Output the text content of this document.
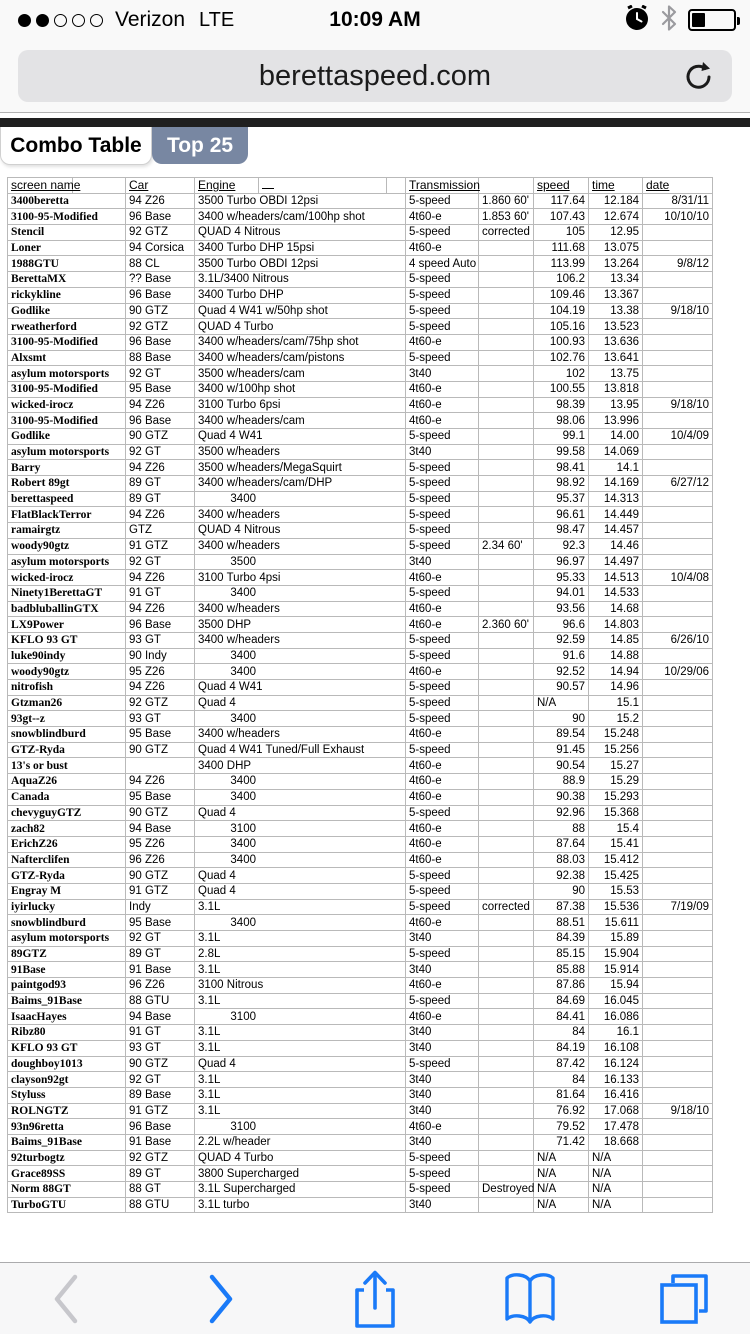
Verizon LTE	10:09 AM
berettaspeed.com
Combo Table Top 25
screen name		Car	Engine			Transmission		speed	time	date
3400beretta		94 Z26	3500 Turbo OBDI 12psi			5-speed	1.860 60'	117.64	12.184	8/31/11
3100-95-Modified		96 Base	3400 w/headers/cam/100hp shot			4t60-e	1.853 60'	107.43	12.674	10/10/10
Stencil		92 GTZ	QUAD 4 Nitrous			5-speed	corrected	105	12.95	
Loner		94 Corsica	3400 Turbo DHP 15psi			4t60-e		111.68	13.075	
1988GTU		88 CL	3500 Turbo OBDI 12psi			4 speed Auto		113.99	13.264	9/8/12
BerettaMX		?? Base	3.1L/3400 Nitrous			5-speed		106.2	13.34	
rickykline		96 Base	3400 Turbo DHP			5-speed		109.46	13.367	
Godlike		90 GTZ	Quad 4 W41 w/50hp shot			5-speed		104.19	13.38	9/18/10
rweatherford		92 GTZ	QUAD 4 Turbo			5-speed		105.16	13.523	
3100-95-Modified		96 Base	3400 w/headers/cam/75hp shot			4t60-e		100.93	13.636	
Alxsmt		88 Base	3400 w/headers/cam/pistons			5-speed		102.76	13.641	
asylum motorsports		92 GT	3500 w/headers/cam			3t40		102	13.75	
3100-95-Modified		95 Base	3400 w/100hp shot			4t60-e		100.55	13.818	
wicked-irocz		94 Z26	3100 Turbo 6psi			4t60-e		98.39	13.95	9/18/10
3100-95-Modified		96 Base	3400 w/headers/cam			4t60-e		98.06	13.996	
Godlike		90 GTZ	Quad 4 W41			5-speed		99.1	14.00	10/4/09
asylum motorsports		92 GT	3500 w/headers			3t40		99.58	14.069	
Barry		94 Z26	3500 w/headers/MegaSquirt			5-speed		98.41	14.1	
Robert 89gt		89 GT	3400 w/headers/cam/DHP			5-speed		98.92	14.169	6/27/12
berettaspeed		89 GT	3400			5-speed		95.37	14.313	
FlatBlackTerror		94 Z26	3400 w/headers			5-speed		96.61	14.449	
ramairgtz		GTZ	QUAD 4 Nitrous			5-speed		98.47	14.457	
woody90gtz		91 GTZ	3400 w/headers			5-speed	2.34 60'	92.3	14.46	
asylum motorsports		92 GT	3500			3t40		96.97	14.497	
wicked-irocz		94 Z26	3100 Turbo 4psi			4t60-e		95.33	14.513	10/4/08
Ninety1BerettaGT		91 GT	3400			5-speed		94.01	14.533	
badbluballinGTX		94 Z26	3400 w/headers			4t60-e		93.56	14.68	
LX9Power		96 Base	3500 DHP			4t60-e	2.360 60'	96.6	14.803	
KFLO 93 GT		93 GT	3400 w/headers			5-speed		92.59	14.85	6/26/10
luke90indy		90 Indy	3400			5-speed		91.6	14.88	
woody90gtz		95 Z26	3400			4t60-e		92.52	14.94	10/29/06
nitrofish		94 Z26	Quad 4 W41			5-speed		90.57	14.96	
Gtzman26		92 GTZ	Quad 4			5-speed		N/A	15.1	
93gt--z		93 GT	3400			5-speed		90	15.2	
snowblindburd		95 Base	3400 w/headers			4t60-e		89.54	15.248	
GTZ-Ryda		90 GTZ	Quad 4 W41 Tuned/Full Exhaust			5-speed		91.45	15.256	
13's or bust			3400 DHP			4t60-e		90.54	15.27	
AquaZ26		94 Z26	3400			4t60-e		88.9	15.29	
Canada		95 Base	3400			4t60-e		90.38	15.293	
chevyguyGTZ		90 GTZ	Quad 4			5-speed		92.96	15.368	
zach82		94 Base	3100			4t60-e		88	15.4	
ErichZ26		95 Z26	3400			4t60-e		87.64	15.41	
Nafterclifen		96 Z26	3400			4t60-e		88.03	15.412	
GTZ-Ryda		90 GTZ	Quad 4			5-speed		92.38	15.425	
Engray M		91 GTZ	Quad 4			5-speed		90	15.53	
iyirlucky		Indy	3.1L			5-speed	corrected	87.38	15.536	7/19/09
snowblindburd		95 Base	3400			4t60-e		88.51	15.611	
asylum motorsports		92 GT	3.1L			3t40		84.39	15.89	
89GTZ		89 GT	2.8L			5-speed		85.15	15.904	
91Base		91 Base	3.1L			3t40		85.88	15.914	
paintgod93		96 Z26	3100 Nitrous			4t60-e		87.86	15.94	
Baims_91Base		88 GTU	3.1L			5-speed		84.69	16.045	
IsaacHayes		94 Base	3100			4t60-e		84.41	16.086	
Ribz80		91 GT	3.1L			3t40		84	16.1	
KFLO 93 GT		93 GT	3.1L			3t40		84.19	16.108	
doughboy1013		90 GTZ	Quad 4			5-speed		87.42	16.124	
clayson92gt		92 GT	3.1L			3t40		84	16.133	
Styluss		89 Base	3.1L			3t40		81.64	16.416	
ROLNGTZ		91 GTZ	3.1L			3t40		76.92	17.068	9/18/10
93n96retta		96 Base	3100			4t60-e		79.52	17.478	
Baims_91Base		91 Base	2.2L w/header			3t40		71.42	18.668	
92turbogtz		92 GTZ	QUAD 4 Turbo			5-speed		N/A	N/A	
Grace89SS		89 GT	3800 Supercharged			5-speed		N/A	N/A	
Norm 88GT		88 GT	3.1L Supercharged			5-speed	Destroyed	N/A	N/A	
TurboGTU		88 GTU	3.1L turbo			3t40		N/A	N/A	
